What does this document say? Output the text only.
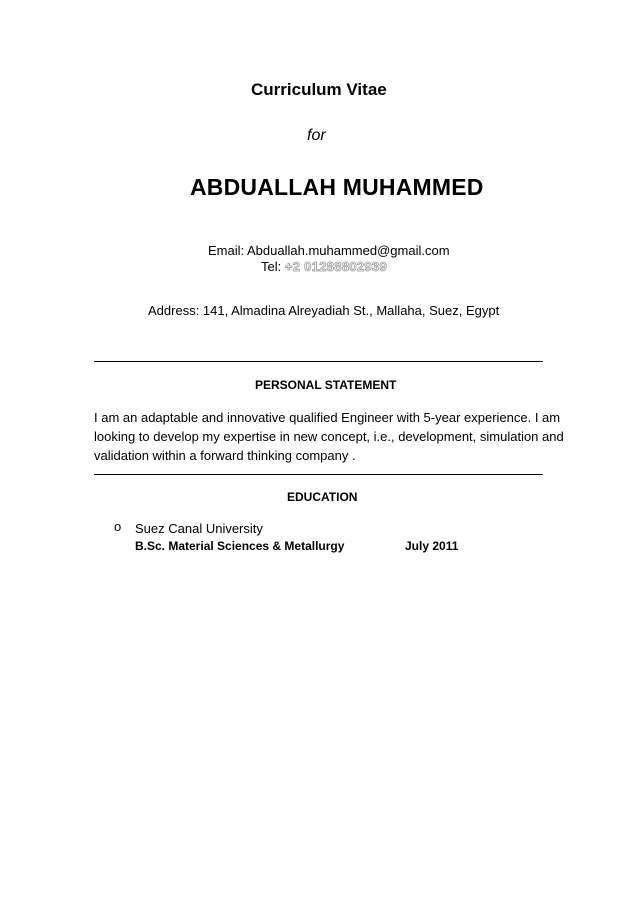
Curriculum Vitae
for
ABDUALLAH MUHAMMED
Email: Abduallah.muhammed@gmail.com
Tel: +2 01288802939
Address: 141, Almadina Alreyadiah St., Mallaha, Suez, Egypt
PERSONAL STATEMENT
I am an adaptable and innovative qualified Engineer with 5-year experience. I am
looking to develop my expertise in new concept, i.e., development, simulation and
validation within a forward thinking company .
EDUCATION
o Suez Canal University
B.Sc. Material Sciences & Metallurgy	July 2011
